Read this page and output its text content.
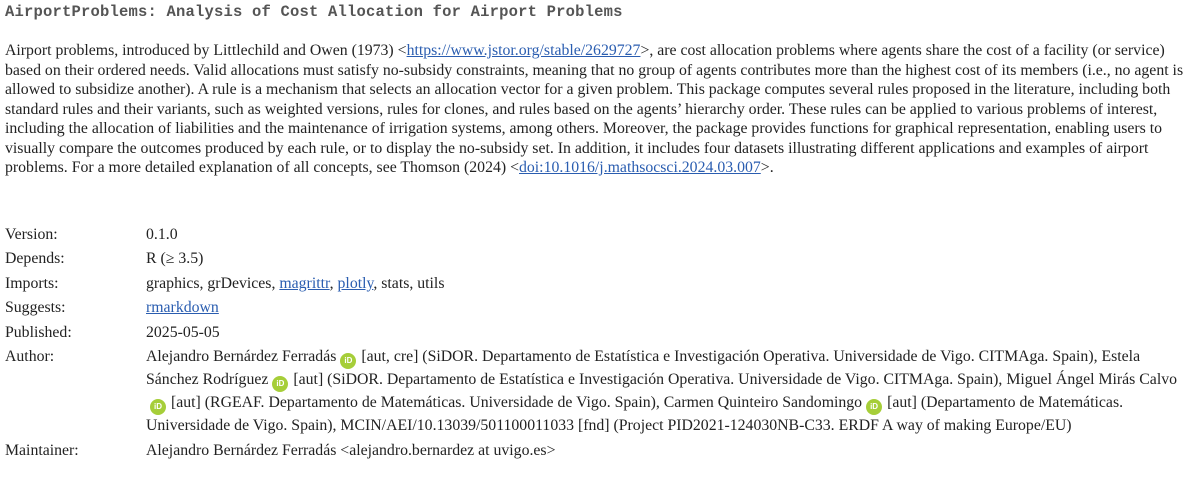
AirportProblems: Analysis of Cost Allocation for Airport Problems
Airport problems, introduced by Littlechild and Owen (1973) <https://www.jstor.org/stable/2629727>, are cost allocation problems where agents share the cost of a facility (or service) based on their ordered needs. Valid allocations must satisfy no-subsidy constraints, meaning that no group of agents contributes more than the highest cost of its members (i.e., no agent is allowed to subsidize another). A rule is a mechanism that selects an allocation vector for a given problem. This package computes several rules proposed in the literature, including both standard rules and their variants, such as weighted versions, rules for clones, and rules based on the agents’ hierarchy order. These rules can be applied to various problems of interest, including the allocation of liabilities and the maintenance of irrigation systems, among others. Moreover, the package provides functions for graphical representation, enabling users to visually compare the outcomes produced by each rule, or to display the no-subsidy set. In addition, it includes four datasets illustrating different applications and examples of airport problems. For a more detailed explanation of all concepts, see Thomson (2024) <doi:10.1016/j.mathsocsci.2024.03.007>.
Version:	0.1.0
Depends:	R (≥ 3.5)
Imports:	graphics, grDevices, magrittr, plotly, stats, utils
Suggests:	rmarkdown
Published:	2025-05-05
Author:	Alejandro Bernárdez Ferradás iD [aut, cre] (SiDOR. Departamento de Estatística e Investigación Operativa. Universidade de Vigo. CITMAga. Spain), Estela Sánchez Rodríguez iD [aut] (SiDOR. Departamento de Estatística e Investigación Operativa. Universidade de Vigo. CITMAga. Spain), Miguel Ángel Mirás CalvoiD [aut] (RGEAF. Departamento de Matemáticas. Universidade de Vigo. Spain), Carmen Quinteiro Sandomingo iD [aut] (Departamento de Matemáticas. Universidade de Vigo. Spain), MCIN/AEI/10.13039/501100011033 [fnd] (Project PID2021-124030NB-C33. ERDF A way of making Europe/EU)
Maintainer:	Alejandro Bernárdez Ferradás <alejandro.bernardez at uvigo.es>
